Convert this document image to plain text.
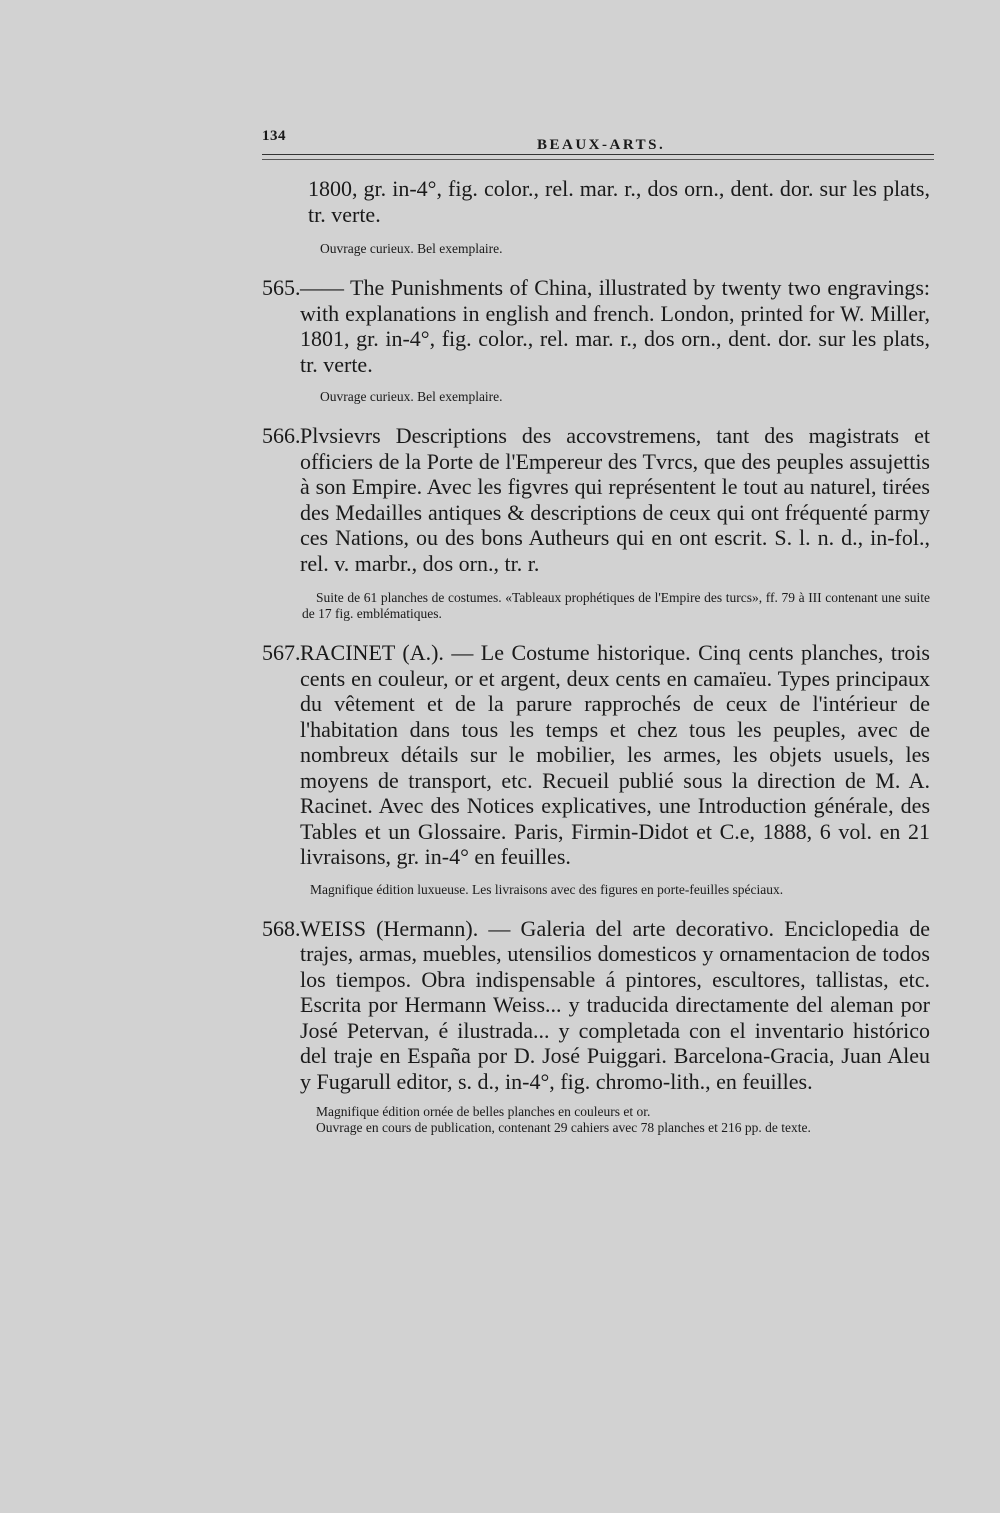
134
BEAUX-ARTS.
1800, gr. in-4°, fig. color., rel. mar. r., dos orn., dent. dor. sur les plats, tr. verte.

Ouvrage curieux. Bel exemplaire.

565.—— The Punishments of China, illustrated by twenty two engravings: with explanations in english and french. London, printed for W. Miller, 1801, gr. in-4°, fig. color., rel. mar. r., dos orn., dent. dor. sur les plats, tr. verte.

Ouvrage curieux. Bel exemplaire.

566.Plvsievrs Descriptions des accovstremens, tant des magistrats et officiers de la Porte de l'Empereur des Tvrcs, que des peuples assujettis à son Empire. Avec les figvres qui représentent le tout au naturel, tirées des Medailles antiques & descriptions de ceux qui ont fréquenté parmy ces Nations, ou des bons Autheurs qui en ont escrit. S. l. n. d., in-fol., rel. v. marbr., dos orn., tr. r.

Suite de 61 planches de costumes. «Tableaux prophétiques de l'Empire des turcs», ff. 79 à III contenant une suite de 17 fig. emblématiques.

567.RACINET (A.). — Le Costume historique. Cinq cents planches, trois cents en couleur, or et argent, deux cents en camaïeu. Types principaux du vêtement et de la parure rapprochés de ceux de l'intérieur de l'habitation dans tous les temps et chez tous les peuples, avec de nombreux détails sur le mobilier, les armes, les objets usuels, les moyens de transport, etc. Recueil publié sous la direction de M. A. Racinet. Avec des Notices explicatives, une Introduction générale, des Tables et un Glossaire. Paris, Firmin-Didot et C.e, 1888, 6 vol. en 21 livraisons, gr. in-4° en feuilles.

Magnifique édition luxueuse. Les livraisons avec des figures en porte-feuilles spéciaux.

568.WEISS (Hermann). — Galeria del arte decorativo. Enciclopedia de trajes, armas, muebles, utensilios domesticos y ornamentacion de todos los tiempos. Obra indispensable á pintores, escultores, tallistas, etc. Escrita por Hermann Weiss... y traducida directamente del aleman por José Petervan, é ilustrada... y completada con el inventario histórico del traje en España por D. José Puiggari. Barcelona-Gracia, Juan Aleu y Fugarull editor, s. d., in-4°, fig. chromo-lith., en feuilles.

Magnifique édition ornée de belles planches en couleurs et or.

Ouvrage en cours de publication, contenant 29 cahiers avec 78 planches et 216 pp. de texte.
